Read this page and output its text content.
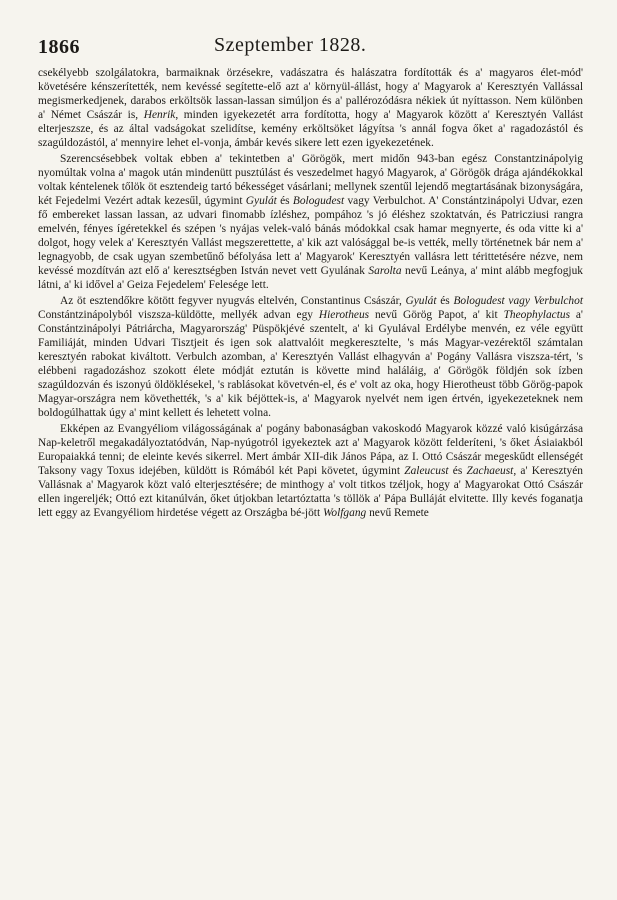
1866	Szeptember 1828.

csekélyebb szolgálatokra, barmaiknak örzésekre, vadászatra és halászatra fordították és a' magyaros élet-mód' követésére kénszerítették, nem kevéssé segítette-elő azt a' környül-állást, hogy a' Magyarok a' Keresztyén Vallással megismerkedjenek, darabos erköltsök lassan-lassan simúljon és a' pallérozódásra nékiek út nyíttasson. Nem különben a' Német Császár is, Henrik, minden igyekezetét arra fordította, hogy a' Magyarok között a' Keresztyén Vallást elterjeszsze, és az által vadságokat szelidítse, kemény erköltsöket lágyítsa 's annál fogva őket a' ragadozástól és szagúldozástól, a' mennyire lehet el-vonja, ámbár kevés sikere lett ezen igyekezetének.

Szerencsésebbek voltak ebben a' tekintetben a' Görögök, mert midőn 943-ban egész Constantzinápolyig nyomúltak volna a' magok után mindenütt pusztúlást és veszedelmet hagyó Magyarok, a' Görögök drága ajándékokkal voltak kéntelenek tőlök öt esztendeig tartó békességet vásárlani; mellynek szentűl lejendő megtartásának bizonyságára, két Fejedelmi Vezért adtak kezesűl, úgymint Gyulát és Bologudest vagy Verbulchot. A' Constántzinápolyi Udvar, ezen fő embereket lassan lassan, az udvari finomabb ízléshez, pompához 's jó éléshez szoktatván, és Patricziusi rangra emelvén, fényes ígéretekkel és szépen 's nyájas velek-való bánás módokkal csak hamar megnyerte, és oda vitte ki a' dolgot, hogy velek a' Keresztyén Vallást megszerettette, a' kik azt valósággal be-is vették, melly történetnek bár nem a' legnagyobb, de csak ugyan szembetűnő béfolyása lett a' Magyarok' Keresztyén vallásra lett térittetésére nézve, nem kevéssé mozdítván azt elő a' keresztségben István nevet vett Gyulának Sarolta nevű Leánya, a' mint alább megfogjuk látni, a' ki idővel a' Geiza Fejedelem' Felesége lett.

Az öt esztendőkre kötött fegyver nyugvás eltelvén, Constantinus Császár, Gyulát és Bologudest vagy Verbulchot Constántzinápolyból viszsza-küldötte, mellyék advan egy Hierotheus nevű Görög Papot, a' kit Theophylactus a' Constántzinápolyi Pátriárcha, Magyarország' Püspökjévé szentelt, a' ki Gyulával Erdélybe menvén, ez véle együtt Familiáját, minden Udvari Tisztjeit és igen sok alattvalóit megkeresztelte, 's más Magyar-vezérektől számtalan keresztyén rabokat kiváltott. Verbulch azomban, a' Keresztyén Vallást elhagyván a' Pogány Vallásra viszsza-tért, 's elébbeni ragadozáshoz szokott élete módját eztután is követte mind haláláig, a' Görögök földjén sok ízben szagúldozván és iszonyú öldöklésekel, 's rablásokat követvén-el, és e' volt az oka, hogy Hierotheust több Görög-papok Magyar-országra nem követhették, 's a' kik béjöttek-is, a' Magyarok nyelvét nem igen értvén, igyekezeteknek nem boldogúlhattak úgy a' mint kellett és lehetett volna.

Ekképen az Evangyéliom világosságának a' pogány babonaságban vakoskodó Magyarok közzé való kisúgárzása Nap-keletről megakadályoztatódván, Nap-nyúgotról igyekeztek azt a' Magyarok között felderíteni, 's őket Ásiaiakból Europaiakká tenni; de eleinte kevés sikerrel. Mert ámbár XII-dik János Pápa, az I. Ottó Császár megeskűdt ellenségét Taksony vagy Toxus idejében, küldött is Rómából két Papi követet, úgymint Zaleucust és Zachaeust, a' Keresztyén Vallásnak a' Magyarok közt való elterjesztésére; de minthogy a' volt titkos tzéljok, hogy a' Magyarokat Ottó Császár ellen ingereljék; Ottó ezt kitanúlván, őket útjokban letartóztatta 's töllök a' Pápa Bulláját elvitette. Illy kevés foganatja lett eggy az Evangyéliom hirdetése végett az Országba bé-jött Wolfgang nevű Remete
